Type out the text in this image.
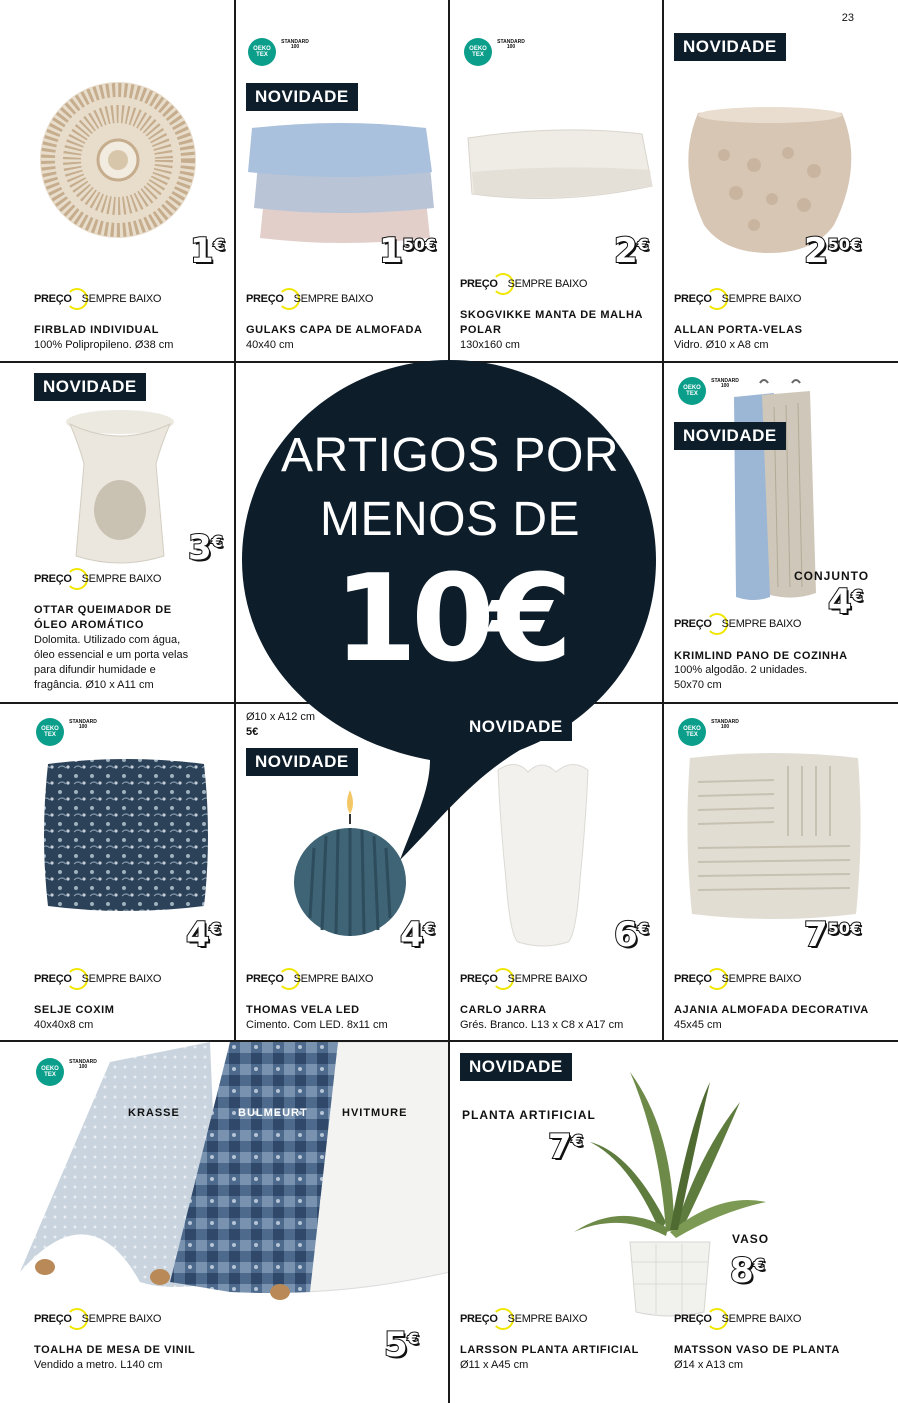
23
1€
PREÇO SEMPRE BAIXO
FIRBLAD INDIVIDUAL
100% Polipropileno. Ø38 cm
OEKO TEX
STANDARD 100
NOVIDADE
150€
PREÇO SEMPRE BAIXO
GULAKS CAPA DE ALMOFADA
40x40 cm
OEKO TEX
STANDARD 100
2€
PREÇO SEMPRE BAIXO
SKOGVIKKE MANTA DE MALHA
POLAR
130x160 cm
NOVIDADE
250€
PREÇO SEMPRE BAIXO
ALLAN PORTA-VELAS
Vidro. Ø10 x A8 cm
NOVIDADE
3€
PREÇO SEMPRE BAIXO
OTTAR QUEIMADOR DE
ÓLEO AROMÁTICO
Dolomita. Utilizado com água,
óleo essencial e um porta velas
para difundir humidade e
fragância. Ø10 x A11 cm
OEKO TEX
STANDARD 100
CONJUNTO
4€
PREÇO SEMPRE BAIXO
KRIMLIND PANO DE COZINHA
100% algodão. 2 unidades.
50x70 cm
NOVIDADE
OEKO TEX
STANDARD 100
4€
PREÇO SEMPRE BAIXO
SELJE COXIM
40x40x8 cm
Ø10 x A12 cm
5€
NOVIDADE
4€
PREÇO SEMPRE BAIXO
THOMAS VELA LED
Cimento. Com LED. 8x11 cm
6€
PREÇO SEMPRE BAIXO
CARLO JARRA
Grés. Branco. L13 x C8 x A17 cm
OEKO TEX
STANDARD 100
750€
PREÇO SEMPRE BAIXO
AJANIA ALMOFADA DECORATIVA
45x45 cm
ARTIGOS POR
MENOS DE
10€
NOVIDADE
OEKO TEX
STANDARD 100
KRASSE	BULMEURT	HVITMURE
PREÇO SEMPRE BAIXO
TOALHA DE MESA DE VINIL
Vendido a metro. L140 cm	5€
NOVIDADE
PLANTA ARTIFICIAL
7€
VASO
8€
PREÇO SEMPRE BAIXO
LARSSON PLANTA ARTIFICIAL
Ø11 x A45 cm
PREÇO SEMPRE BAIXO
MATSSON VASO DE PLANTA
Ø14 x A13 cm
